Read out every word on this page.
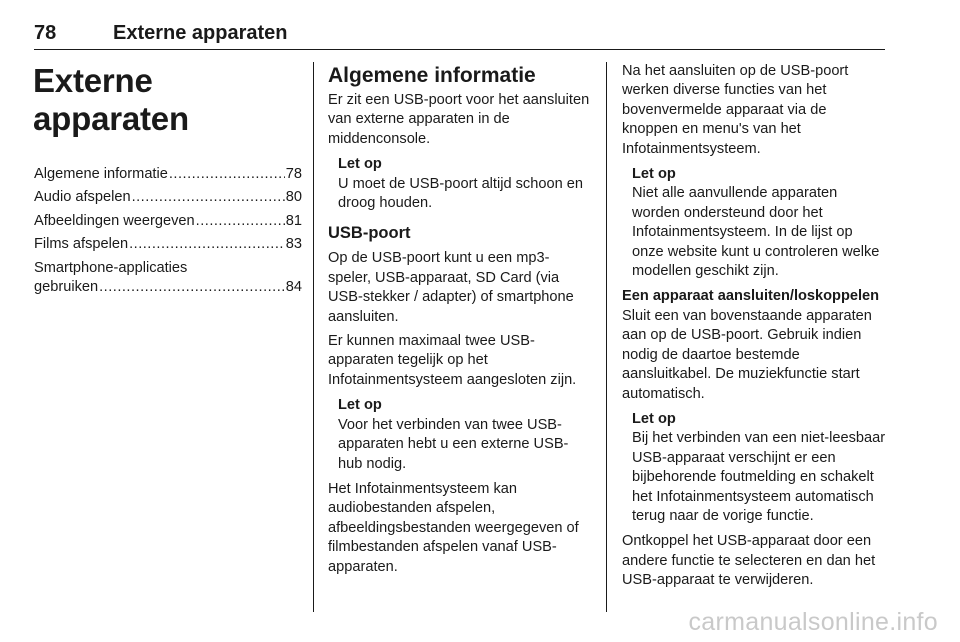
78	Externe apparaten
Externe apparaten
Algemene informatie .....	78
Audio afspelen .....	80
Afbeeldingen weergeven .....	81
Films afspelen .....	83
Smartphone-applicaties
gebruiken .....	84
Algemene informatie

Er zit een USB-poort voor het aansluiten van externe apparaten in de middenconsole.

Let op
U moet de USB-poort altijd schoon en droog houden.
USB-poort

Op de USB-poort kunt u een mp3-speler, USB-apparaat, SD Card (via USB-stekker / adapter) of smartphone aansluiten.

Er kunnen maximaal twee USB-apparaten tegelijk op het Infotainmentsysteem aangesloten zijn.

Let op
Voor het verbinden van twee USB-apparaten hebt u een externe USB-hub nodig.

Het Infotainmentsysteem kan audiobestanden afspelen, afbeeldingsbestanden weergegeven of filmbestanden afspelen vanaf USB-apparaten.

Na het aansluiten op de USB-poort werken diverse functies van het bovenvermelde apparaat via de knoppen en menu's van het Infotainmentsysteem.

Let op
Niet alle aanvullende apparaten worden ondersteund door het Infotainmentsysteem. In de lijst op onze website kunt u controleren welke modellen geschikt zijn.
Een apparaat aansluiten/loskoppelen

Sluit een van bovenstaande apparaten aan op de USB-poort. Gebruik indien nodig de daartoe bestemde aansluitkabel. De muziekfunctie start automatisch.

Let op
Bij het verbinden van een niet-leesbaar USB-apparaat verschijnt er een bijbehorende foutmelding en schakelt het Infotainmentsysteem automatisch terug naar de vorige functie.

Ontkoppel het USB-apparaat door een andere functie te selecteren en dan het USB-apparaat te verwijderen.

carmanualsonline.info
